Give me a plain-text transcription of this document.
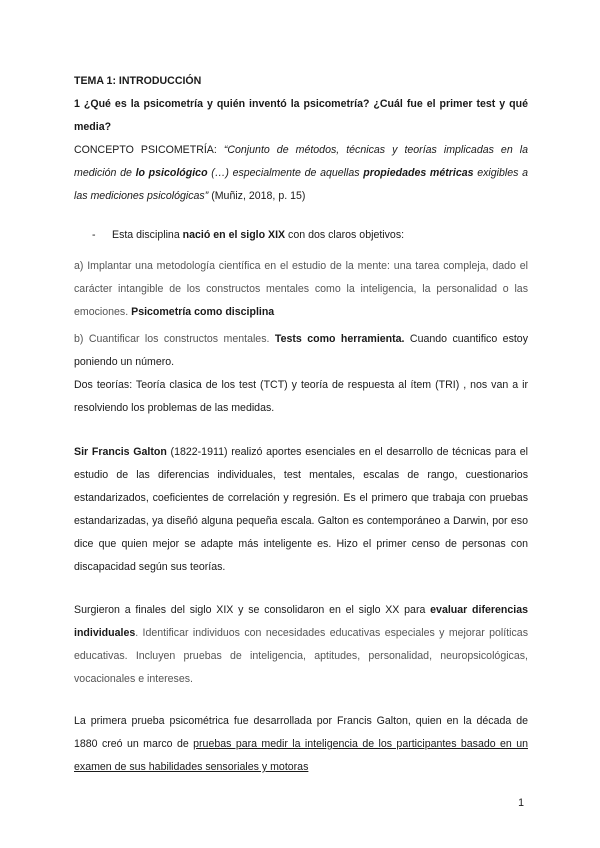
TEMA 1: INTRODUCCIÓN
1 ¿Qué es la psicometría y quién inventó la psicometría? ¿Cuál fue el primer test y qué media?
CONCEPTO PSICOMETRÍA: “Conjunto de métodos, técnicas y teorías implicadas en la medición de lo psicológico (…) especialmente de aquellas propiedades métricas exigibles a las mediciones psicológicas” (Muñiz, 2018, p. 15)
- Esta disciplina nació en el siglo XIX con dos claros objetivos:
a) Implantar una metodología científica en el estudio de la mente: una tarea compleja, dado el carácter intangible de los constructos mentales como la inteligencia, la personalidad o las emociones. Psicometría como disciplina
b) Cuantificar los constructos mentales. Tests como herramienta. Cuando cuantifico estoy poniendo un número.
Dos teorías: Teoría clasica de los test (TCT) y teoría de respuesta al ítem (TRI) , nos van a ir resolviendo los problemas de las medidas.
Sir Francis Galton (1822-1911) realizó aportes esenciales en el desarrollo de técnicas para el estudio de las diferencias individuales, test mentales, escalas de rango, cuestionarios estandarizados, coeficientes de correlación y regresión. Es el primero que trabaja con pruebas estandarizadas, ya diseñó alguna pequeña escala. Galton es contemporáneo a Darwin, por eso dice que quien mejor se adapte más inteligente es. Hizo el primer censo de personas con discapacidad según sus teorías.
Surgieron a finales del siglo XIX y se consolidaron en el siglo XX para evaluar diferencias individuales. Identificar individuos con necesidades educativas especiales y mejorar políticas educativas. Incluyen pruebas de inteligencia, aptitudes, personalidad, neuropsicológicas, vocacionales e intereses.
La primera prueba psicométrica fue desarrollada por Francis Galton, quien en la década de 1880 creó un marco de pruebas para medir la inteligencia de los participantes basado en un examen de sus habilidades sensoriales y motoras
1
